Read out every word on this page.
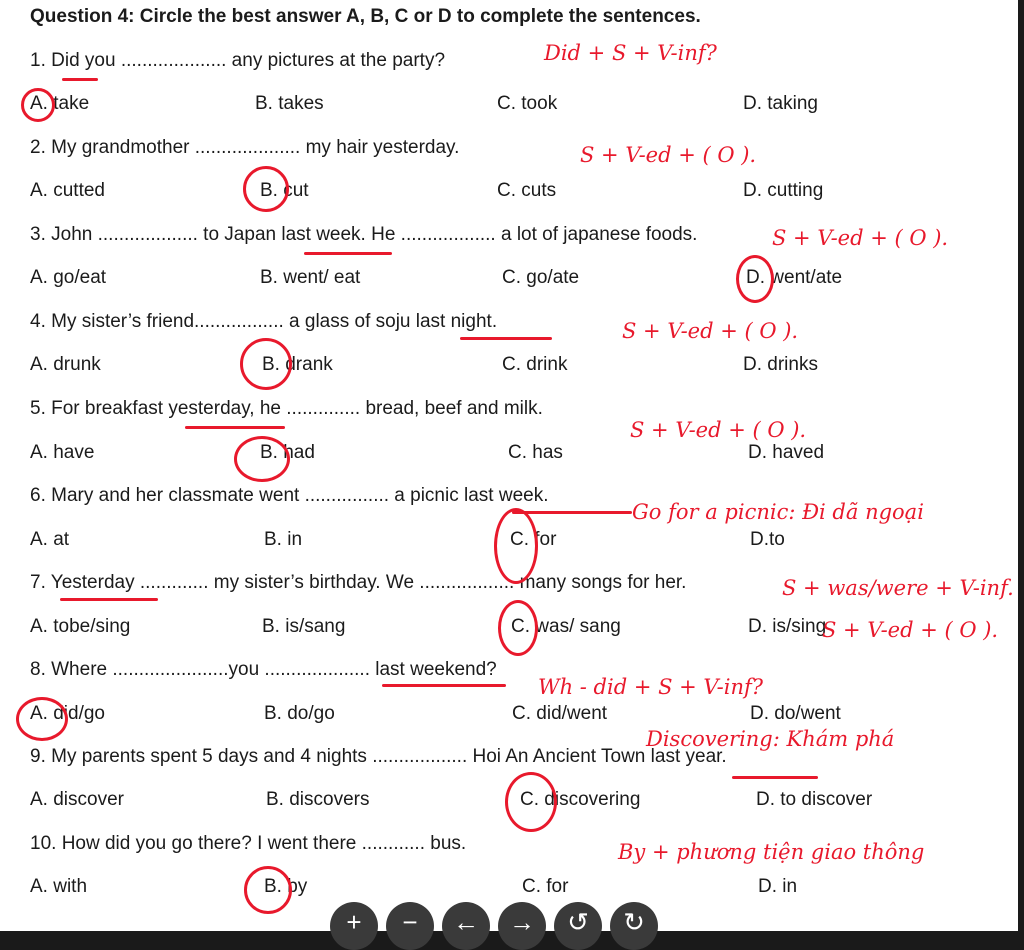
Question 4: Circle the best answer A, B, C or D to complete the sentences.
1. Did you .................... any pictures at the party?
A. take	B. takes	C. took	D. taking
2. My grandmother .................... my hair yesterday.
A. cutted	B. cut	C. cuts	D. cutting
3. John ................... to Japan last week. He .................. a lot of japanese foods.
A. go/eat	B. went/ eat	C. go/ate	D. went/ate
4. My sister’s friend................. a glass of soju last night.
A. drunk	B. drank	C. drink	D. drinks
5. For breakfast yesterday, he .............. bread, beef and milk.
A. have	B. had	C. has	D. haved
6. Mary and her classmate went ................ a picnic last week.
A. at	B. in	C. for	D.to
7. Yesterday ............. my sister’s birthday. We .................. many songs for her.
A. tobe/sing	B. is/sang	C. was/ sang	D. is/sing
8. Where ......................you .................... last weekend?
A. did/go	B. do/go	C. did/went	D. do/went
9. My parents spent 5 days and 4 nights .................. Hoi An Ancient Town last year.
A. discover	B. discovers	C. discovering	D. to discover
10. How did you go there? I went there ............ bus.
A. with	B. by	C. for	D. in
Did + S + V-inf?
S + V-ed + ( O ).
S + V-ed + ( O ).
S + V-ed + ( O ).
S + V-ed + ( O ).
Go for a picnic: Đi dã ngoại
S + was/were + V-inf.
S + V-ed + ( O ).
Wh - did + S + V-inf?
Discovering: Khám phá
By + phương tiện giao thông
+	−	←	→	↺	↻
